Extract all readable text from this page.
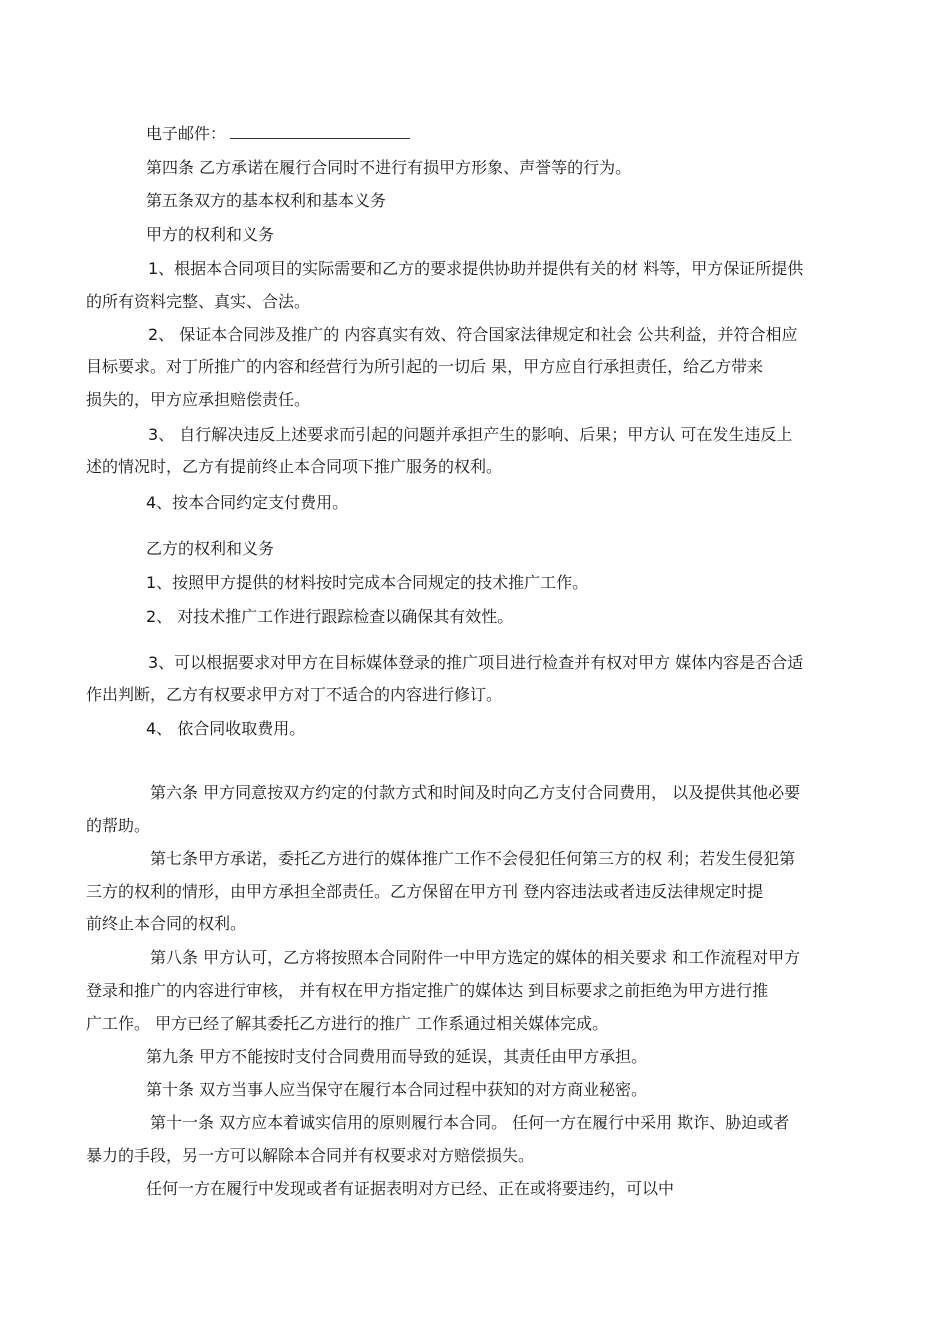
电子邮件：
第四条 乙方承诺在履行合同时不进行有损甲方形象、声誉等的行为。
第五条双方的基本权利和基本义务
甲方的权利和义务
1、根据本合同项目的实际需要和乙方的要求提供协助并提供有关的材 料等，甲方保证所提供
的所有资料完整、真实、合法。
2、 保证本合同涉及推广的 内容真实有效、符合国家法律规定和社会 公共利益，并符合相应
目标要求。对丁所推广的内容和经营行为所引起的一切后 果，甲方应自行承担责任，给乙方带来
损失的，甲方应承担赔偿责任。
3、 自行解决违反上述要求而引起的问题并承担产生的影响、后果；甲方认 可在发生违反上
述的情况时，乙方有提前终止本合同项下推广服务的权利。
4、按本合同约定支付费用。
乙方的权利和义务
1、按照甲方提供的材料按时完成本合同规定的技术推广工作。
2、 对技术推广工作进行跟踪检查以确保其有效性。
3、可以根据要求对甲方在目标媒体登录的推广项目进行检查并有权对甲方 媒体内容是否合适
作出判断，乙方有权要求甲方对丁不适合的内容进行修订。
4、 依合同收取费用。
第六条 甲方同意按双方约定的付款方式和时间及时向乙方支付合同费用， 以及提供其他必要
的帮助。
第七条甲方承诺，委托乙方进行的媒体推广工作不会侵犯任何第三方的权 利；若发生侵犯第
三方的权利的情形，由甲方承担全部责任。乙方保留在甲方刊 登内容违法或者违反法律规定时提
前终止本合同的权利。
第八条 甲方认可，乙方将按照本合同附件一中甲方选定的媒体的相关要求 和工作流程对甲方
登录和推广的内容进行审核， 并有权在甲方指定推广的媒体达 到目标要求之前拒绝为甲方进行推
广工作。 甲方已经了解其委托乙方进行的推广 工作系通过相关媒体完成。
第九条 甲方不能按时支付合同费用而导致的延误，其责任由甲方承担。
第十条 双方当事人应当保守在履行本合同过程中获知的对方商业秘密。
第十一条 双方应本着诚实信用的原则履行本合同。 任何一方在履行中采用 欺诈、胁迫或者
暴力的手段，另一方可以解除本合同并有权要求对方赔偿损失。
任何一方在履行中发现或者有证据表明对方已经、正在或将要违约，可以中
